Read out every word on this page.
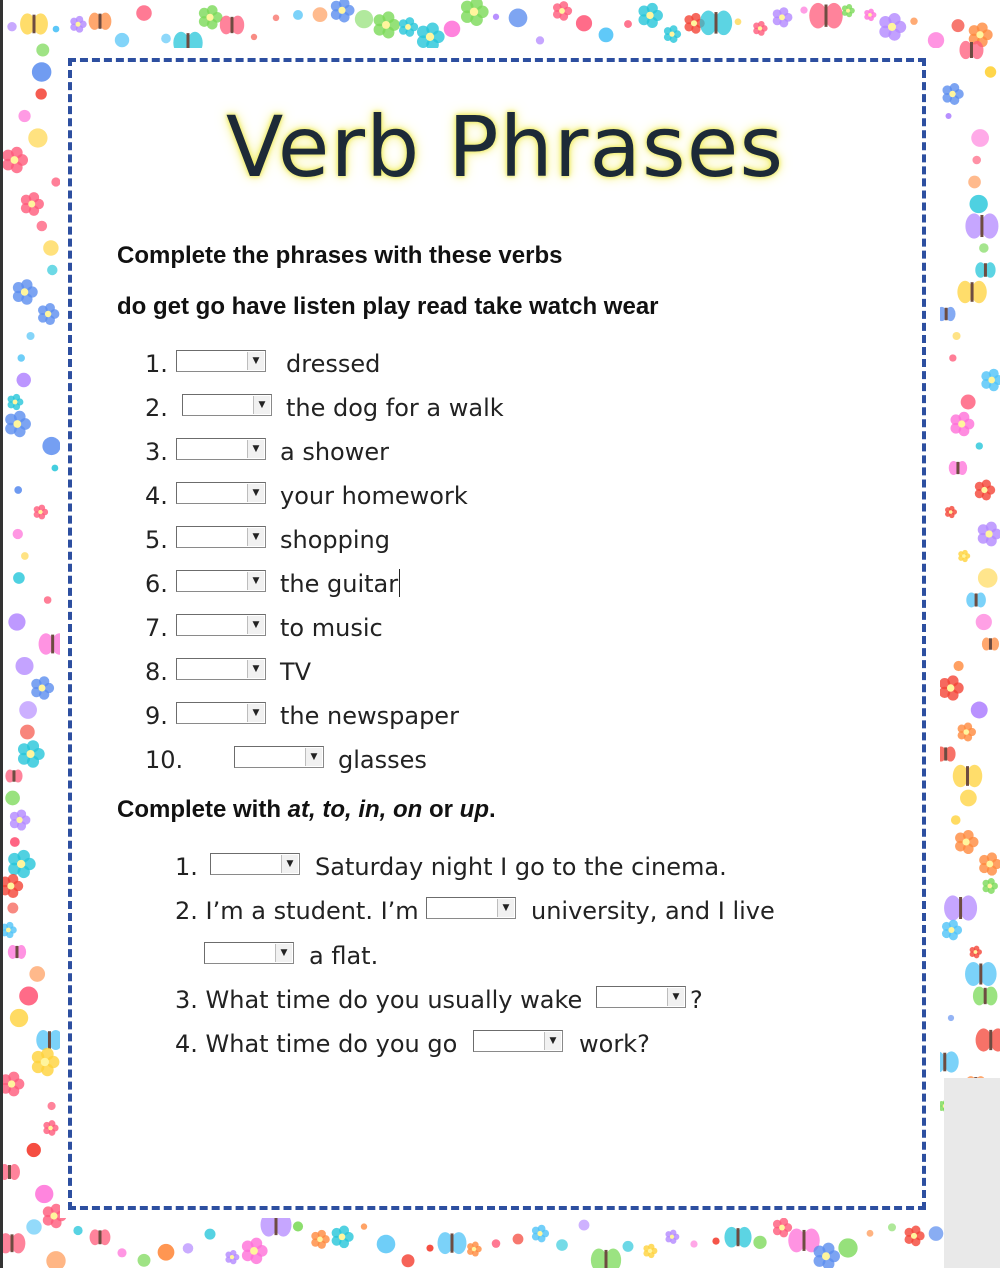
Verb Phrases
Complete the phrases with these verbs
do get go have listen play read take watch wear
1.	▼ dressed
2.	▼ the dog for a walk
3.	▼ a shower
4.	▼ your homework
5.	▼ shopping
6.	▼ the guitar
7.	▼ to music
8.	▼ TV
9.	▼ the newspaper
10.	▼ glasses
Complete with at, to, in, on or up.
1.	▼ Saturday night I go to the cinema.
2. I’m a student. I’m	▼ university, and I live
▼ a flat.
3. What time do you usually wake	▼ ?
4. What time do you go	▼ work?
